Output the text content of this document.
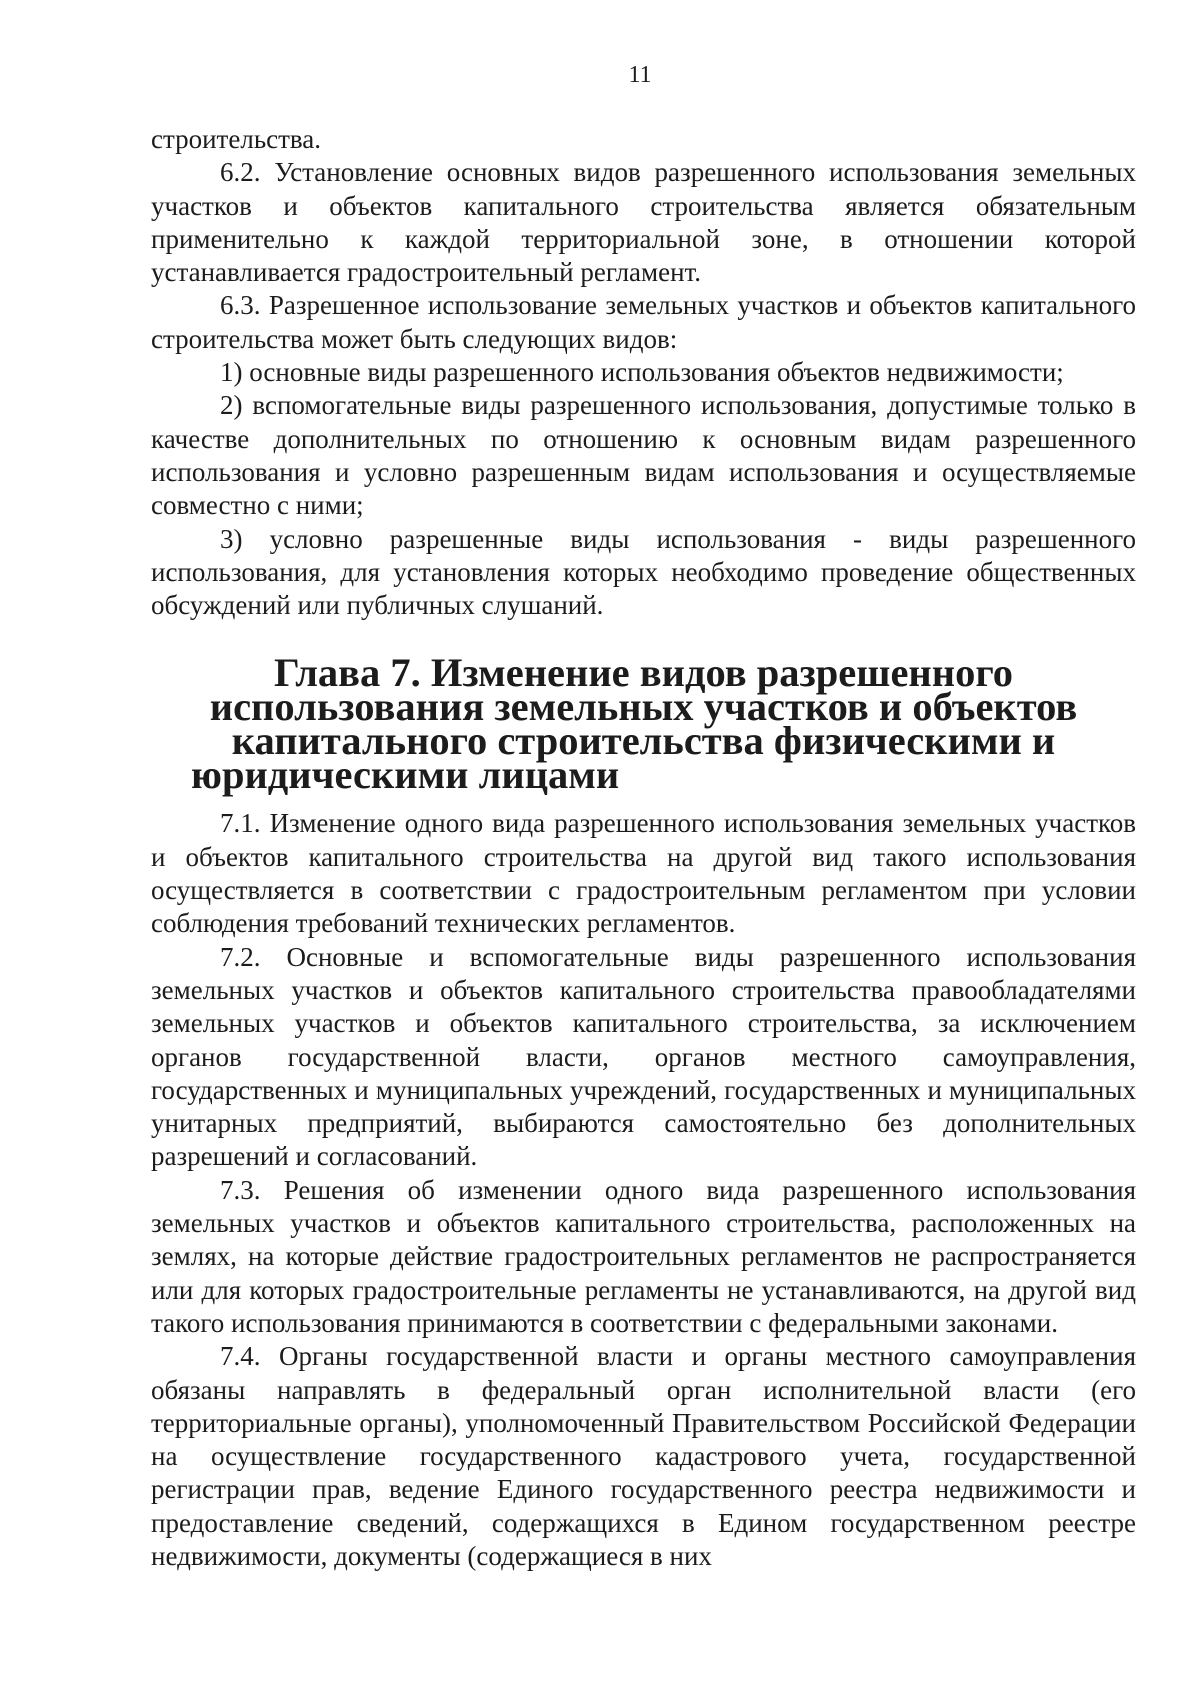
11

строительства.

6.2. Установление основных видов разрешенного использования земельных участков и объектов капитального строительства является обязательным применительно к каждой территориальной зоне, в отношении которой устанавливается градостроительный регламент.

6.3. Разрешенное использование земельных участков и объектов капитального строительства может быть следующих видов:

1) основные виды разрешенного использования объектов недвижимости;

2) вспомогательные виды разрешенного использования, допустимые только в качестве дополнительных по отношению к основным видам разрешенного использования и условно разрешенным видам использования и осуществляемые совместно с ними;

3) условно разрешенные виды использования - виды разрешенного использования, для установления которых необходимо проведение общественных обсуждений или публичных слушаний.

Глава 7. Изменение видов разрешенного использования земельных участков и объектов капитального строительства физическими и юридическими лицами

7.1. Изменение одного вида разрешенного использования земельных участков и объектов капитального строительства на другой вид такого использования осуществляется в соответствии с градостроительным регламентом при условии соблюдения требований технических регламентов.

7.2. Основные и вспомогательные виды разрешенного использования земельных участков и объектов капитального строительства правообладателями земельных участков и объектов капитального строительства, за исключением органов государственной власти, органов местного самоуправления, государственных и муниципальных учреждений, государственных и муниципальных унитарных предприятий, выбираются самостоятельно без дополнительных разрешений и согласований.

7.3. Решения об изменении одного вида разрешенного использования земельных участков и объектов капитального строительства, расположенных на землях, на которые действие градостроительных регламентов не распространяется или для которых градостроительные регламенты не устанавливаются, на другой вид такого использования принимаются в соответствии с федеральными законами.

7.4. Органы государственной власти и органы местного самоуправления обязаны направлять в федеральный орган исполнительной власти (его территориальные органы), уполномоченный Правительством Российской Федерации на осуществление государственного кадастрового учета, государственной регистрации прав, ведение Единого государственного реестра недвижимости и предоставление сведений, содержащихся в Едином государственном реестре недвижимости, документы (содержащиеся в них
